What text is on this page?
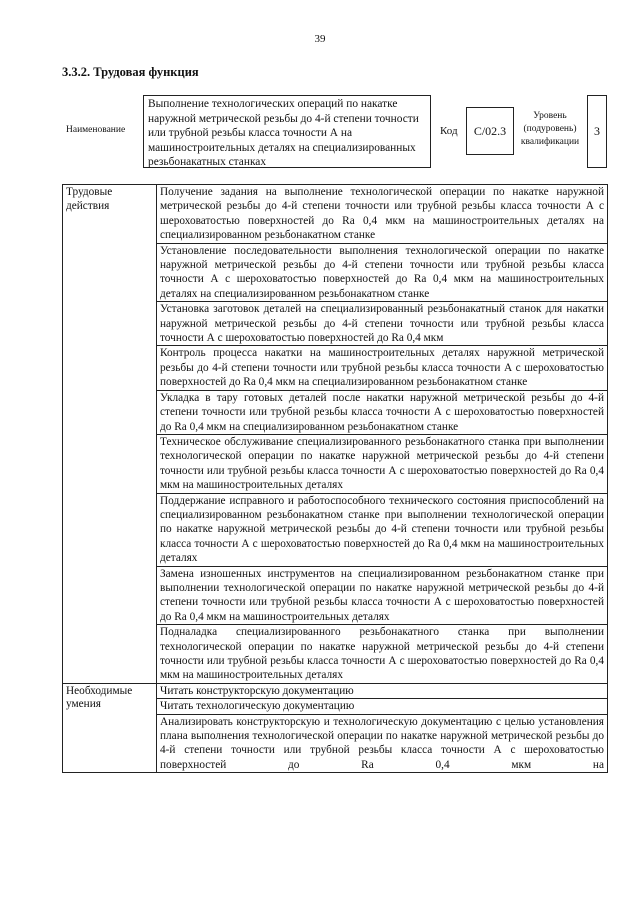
39
3.3.2. Трудовая функция
Наименование
Выполнение технологических операций по накатке наружной метрической резьбы до 4-й степени точности или трубной резьбы класса точности А на машиностроительных деталях на специализированных резьбонакатных станках
Код	С/02.3
Уровень (подуровень) квалификации
3
Трудовые действия	Получение задания на выполнение технологической операции по накатке наружной метрической резьбы до 4-й степени точности или трубной резьбы класса точности А с шероховатостью поверхностей до Ra 0,4 мкм на машиностроительных деталях на специализированном резьбонакатном станке
	Установление последовательности выполнения технологической операции по накатке наружной метрической резьбы до 4-й степени точности или трубной резьбы класса точности А с шероховатостью поверхностей до Ra 0,4 мкм на машиностроительных деталях на специализированном резьбонакатном станке
	Установка заготовок деталей на специализированный резьбонакатный станок для накатки наружной метрической резьбы до 4-й степени точности или трубной резьбы класса точности А с шероховатостью поверхностей до Ra 0,4 мкм
	Контроль процесса накатки на машиностроительных деталях наружной метрической резьбы до 4-й степени точности или трубной резьбы класса точности А с шероховатостью поверхностей до Ra 0,4 мкм на специализированном резьбонакатном станке
	Укладка в тару готовых деталей после накатки наружной метрической резьбы до 4-й степени точности или трубной резьбы класса точности А с шероховатостью поверхностей до Ra 0,4 мкм на специализированном резьбонакатном станке
	Техническое обслуживание специализированного резьбонакатного станка при выполнении технологической операции по накатке наружной метрической резьбы до 4-й степени точности или трубной резьбы класса точности А с шероховатостью поверхностей до Ra 0,4 мкм на машиностроительных деталях
	Поддержание исправного и работоспособного технического состояния приспособлений на специализированном резьбонакатном станке при выполнении технологической операции по накатке наружной метрической резьбы до 4-й степени точности или трубной резьбы класса точности А с шероховатостью поверхностей до Ra 0,4 мкм на машиностроительных деталях
	Замена изношенных инструментов на специализированном резьбонакатном станке при выполнении технологической операции по накатке наружной метрической резьбы до 4-й степени точности или трубной резьбы класса точности А с шероховатостью поверхностей до Ra 0,4 мкм на машиностроительных деталях
	Подналадка специализированного резьбонакатного станка при выполнении технологической операции по накатке наружной метрической резьбы до 4-й степени точности или трубной резьбы класса точности А с шероховатостью поверхностей до Ra 0,4 мкм на машиностроительных деталях
Необходимые умения	Читать конструкторскую документацию
	Читать технологическую документацию
	Анализировать конструкторскую и технологическую документацию с целью установления плана выполнения технологической операции по накатке наружной метрической резьбы до 4-й степени точности или трубной резьбы класса точности А с шероховатостью поверхностей до Ra 0,4 мкм на
